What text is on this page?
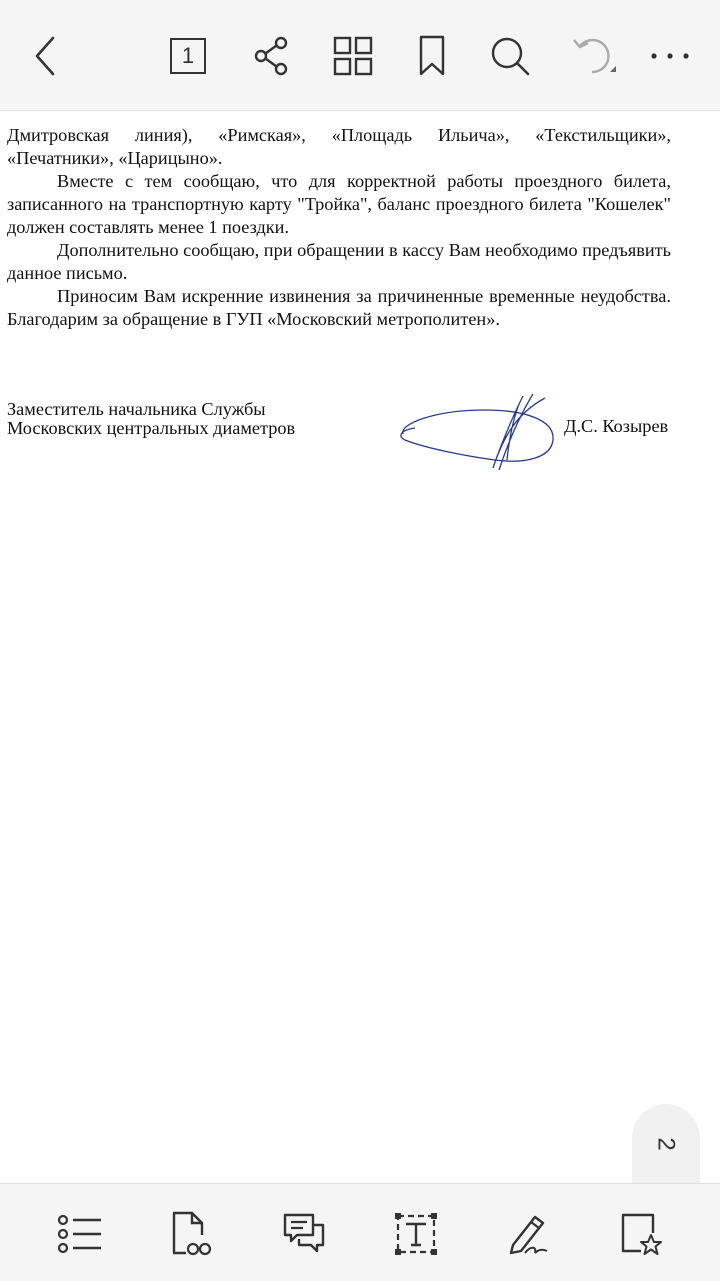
1

Дмитровская линия), «Римская», «Площадь Ильича», «Текстильщики», «Печатники», «Царицыно».

Вместе с тем сообщаю, что для корректной работы проездного билета, записанного на транспортную карту "Тройка", баланс проездного билета "Кошелек" должен составлять менее 1 поездки.

Дополнительно сообщаю, при обращении в кассу Вам необходимо предъявить данное письмо.

Приносим Вам искренние извинения за причиненные временные неудобства. Благодарим за обращение в ГУП «Московский метрополитен».

Заместитель начальника Службы
Московских центральных диаметров	Д.С. Козырев
2
